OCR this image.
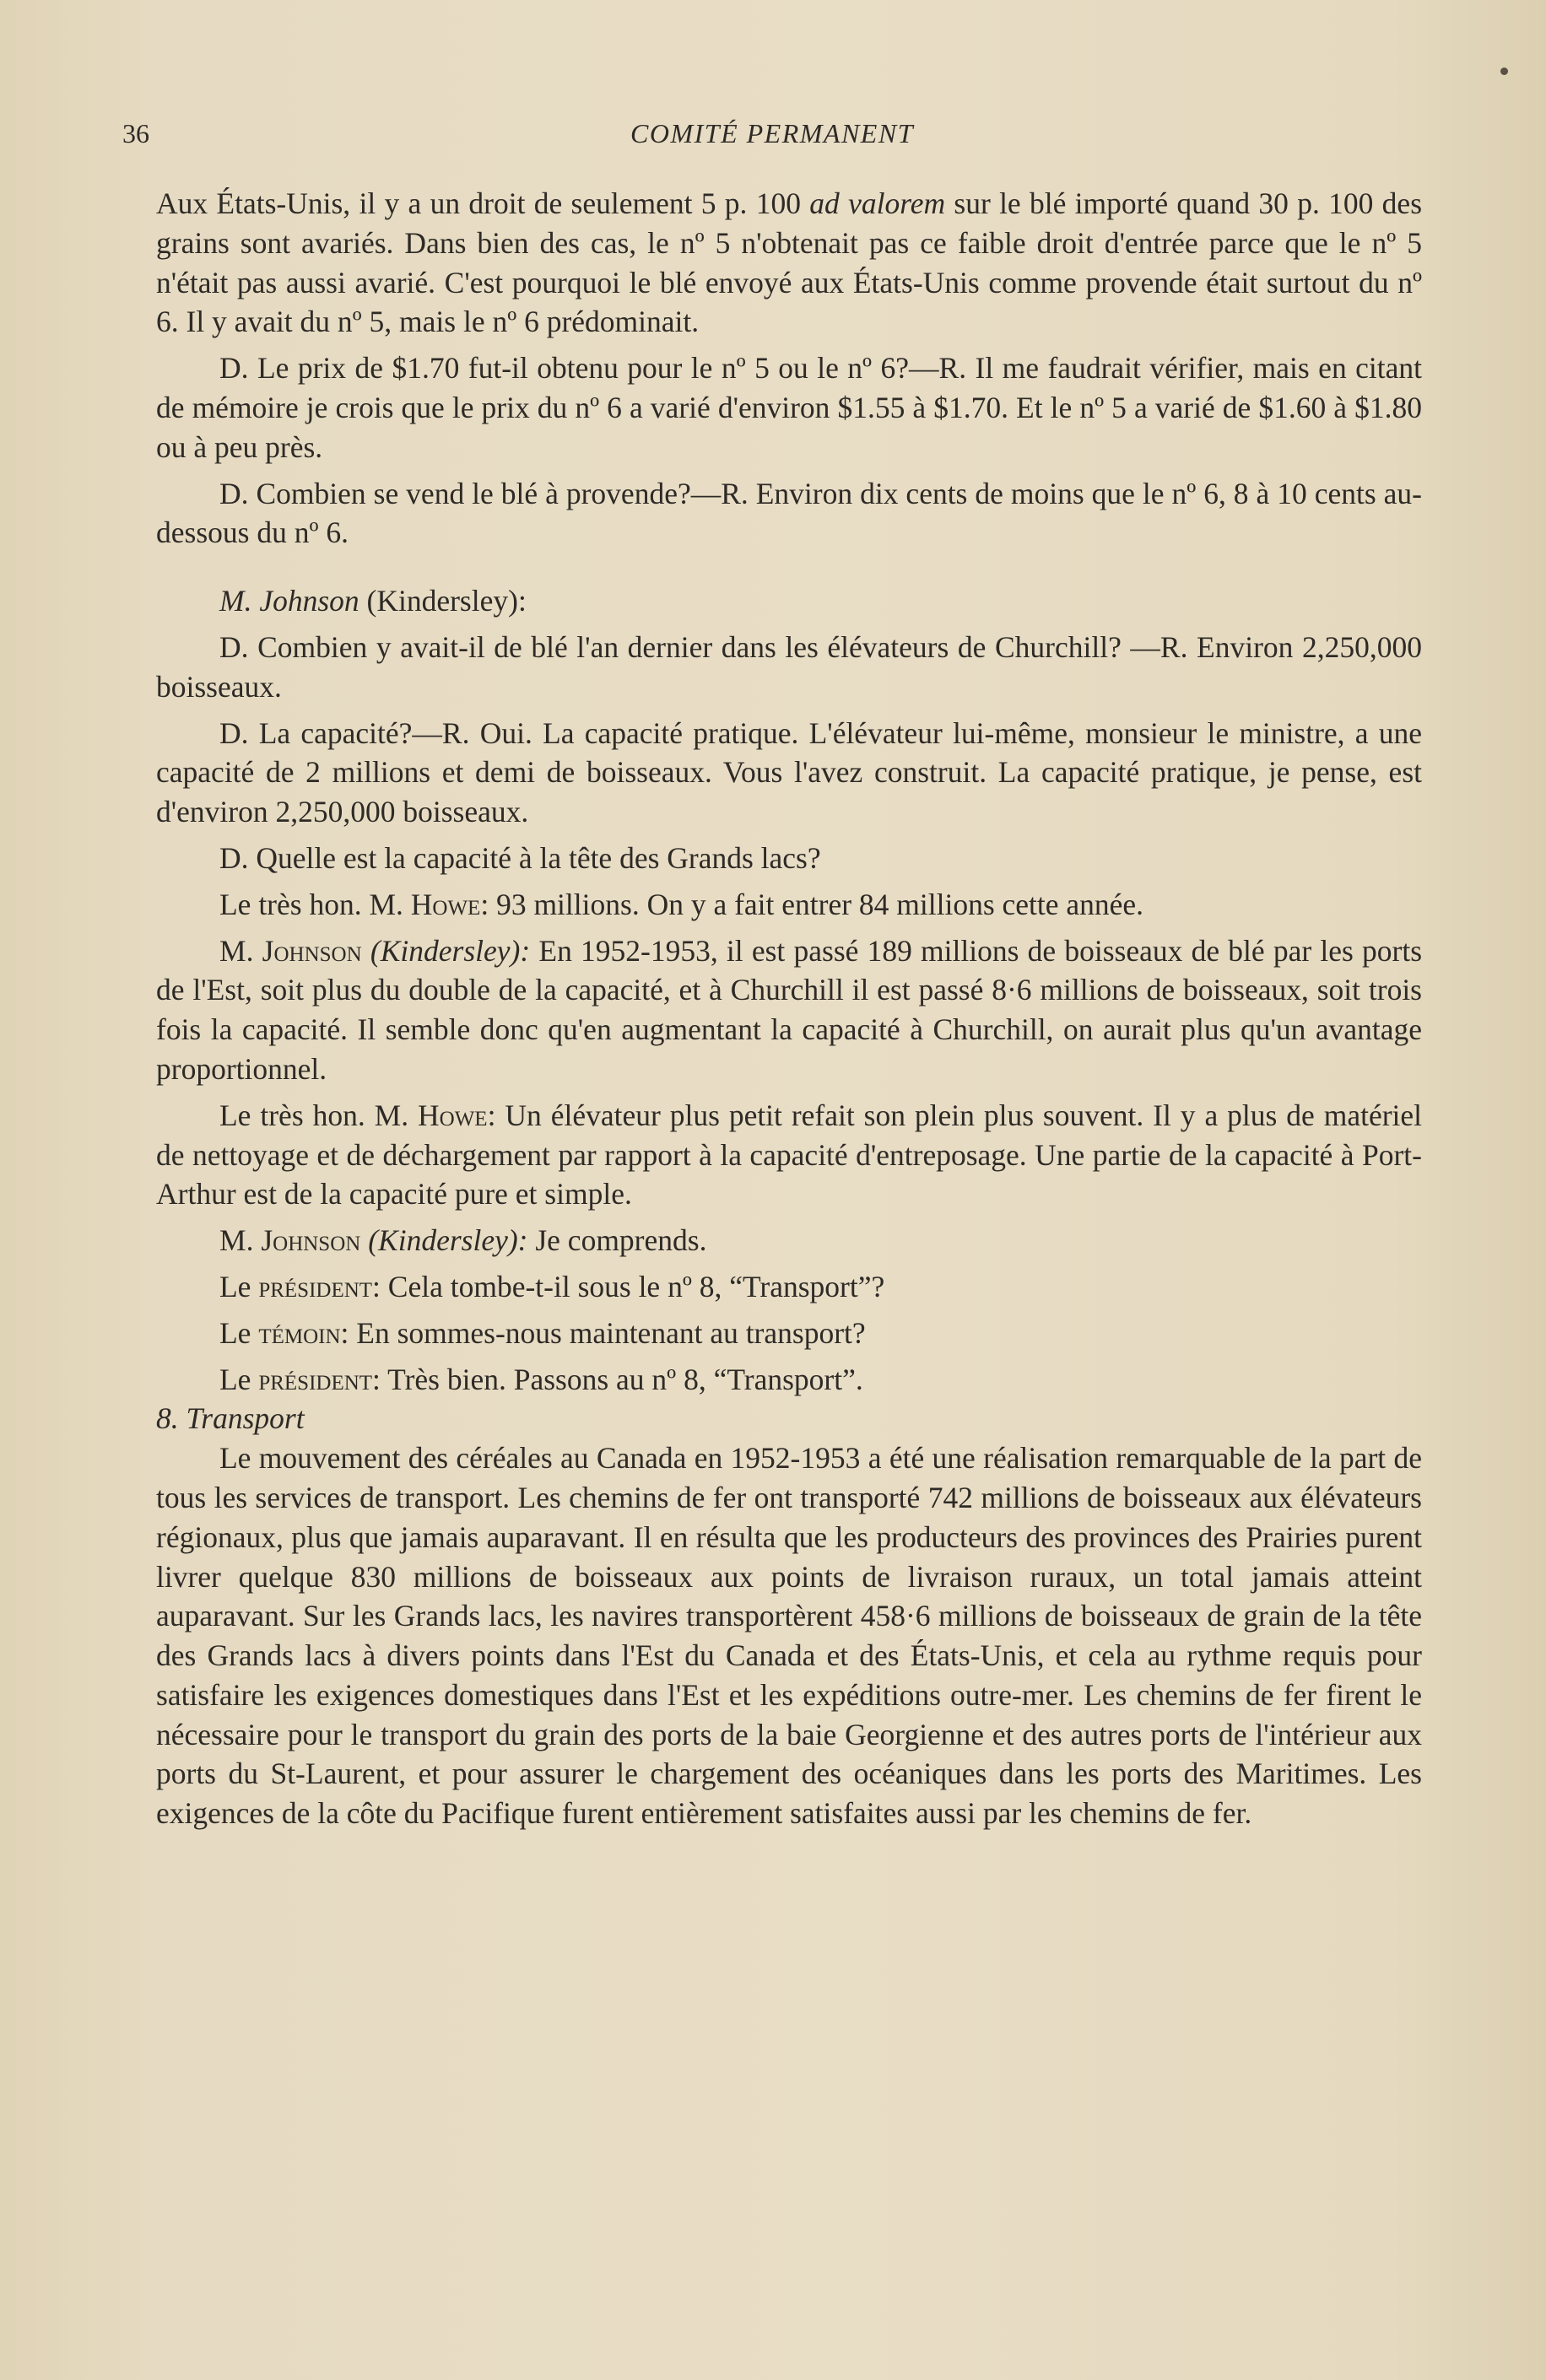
36	COMITÉ PERMANENT

Aux États-Unis, il y a un droit de seulement 5 p. 100 ad valorem sur le blé importé quand 30 p. 100 des grains sont avariés. Dans bien des cas, le nº 5 n'obtenait pas ce faible droit d'entrée parce que le nº 5 n'était pas aussi avarié. C'est pourquoi le blé envoyé aux États-Unis comme provende était surtout du nº 6. Il y avait du nº 5, mais le nº 6 prédominait.

D. Le prix de $1.70 fut-il obtenu pour le nº 5 ou le nº 6?—R. Il me faudrait vérifier, mais en citant de mémoire je crois que le prix du nº 6 a varié d'environ $1.55 à $1.70. Et le nº 5 a varié de $1.60 à $1.80 ou à peu près.

D. Combien se vend le blé à provende?—R. Environ dix cents de moins que le nº 6, 8 à 10 cents au-dessous du nº 6.

M. Johnson (Kindersley):

D. Combien y avait-il de blé l'an dernier dans les élévateurs de Churchill? —R. Environ 2,250,000 boisseaux.

D. La capacité?—R. Oui. La capacité pratique. L'élévateur lui-même, monsieur le ministre, a une capacité de 2 millions et demi de boisseaux. Vous l'avez construit. La capacité pratique, je pense, est d'environ 2,250,000 boisseaux.

D. Quelle est la capacité à la tête des Grands lacs?

Le très hon. M. Howe: 93 millions. On y a fait entrer 84 millions cette année.

M. Johnson (Kindersley): En 1952-1953, il est passé 189 millions de boisseaux de blé par les ports de l'Est, soit plus du double de la capacité, et à Churchill il est passé 8·6 millions de boisseaux, soit trois fois la capacité. Il semble donc qu'en augmentant la capacité à Churchill, on aurait plus qu'un avantage proportionnel.

Le très hon. M. Howe: Un élévateur plus petit refait son plein plus souvent. Il y a plus de matériel de nettoyage et de déchargement par rapport à la capacité d'entreposage. Une partie de la capacité à Port-Arthur est de la capacité pure et simple.

M. Johnson (Kindersley): Je comprends.

Le président: Cela tombe-t-il sous le nº 8, “Transport”?

Le témoin: En sommes-nous maintenant au transport?

Le président: Très bien. Passons au nº 8, “Transport”.

8. Transport

Le mouvement des céréales au Canada en 1952-1953 a été une réalisation remarquable de la part de tous les services de transport. Les chemins de fer ont transporté 742 millions de boisseaux aux élévateurs régionaux, plus que jamais auparavant. Il en résulta que les producteurs des provinces des Prairies purent livrer quelque 830 millions de boisseaux aux points de livraison ruraux, un total jamais atteint auparavant. Sur les Grands lacs, les navires transportèrent 458·6 millions de boisseaux de grain de la tête des Grands lacs à divers points dans l'Est du Canada et des États-Unis, et cela au rythme requis pour satisfaire les exigences domestiques dans l'Est et les expéditions outre-mer. Les chemins de fer firent le nécessaire pour le transport du grain des ports de la baie Georgienne et des autres ports de l'intérieur aux ports du St-Laurent, et pour assurer le chargement des océaniques dans les ports des Maritimes. Les exigences de la côte du Pacifique furent entièrement satisfaites aussi par les chemins de fer.
